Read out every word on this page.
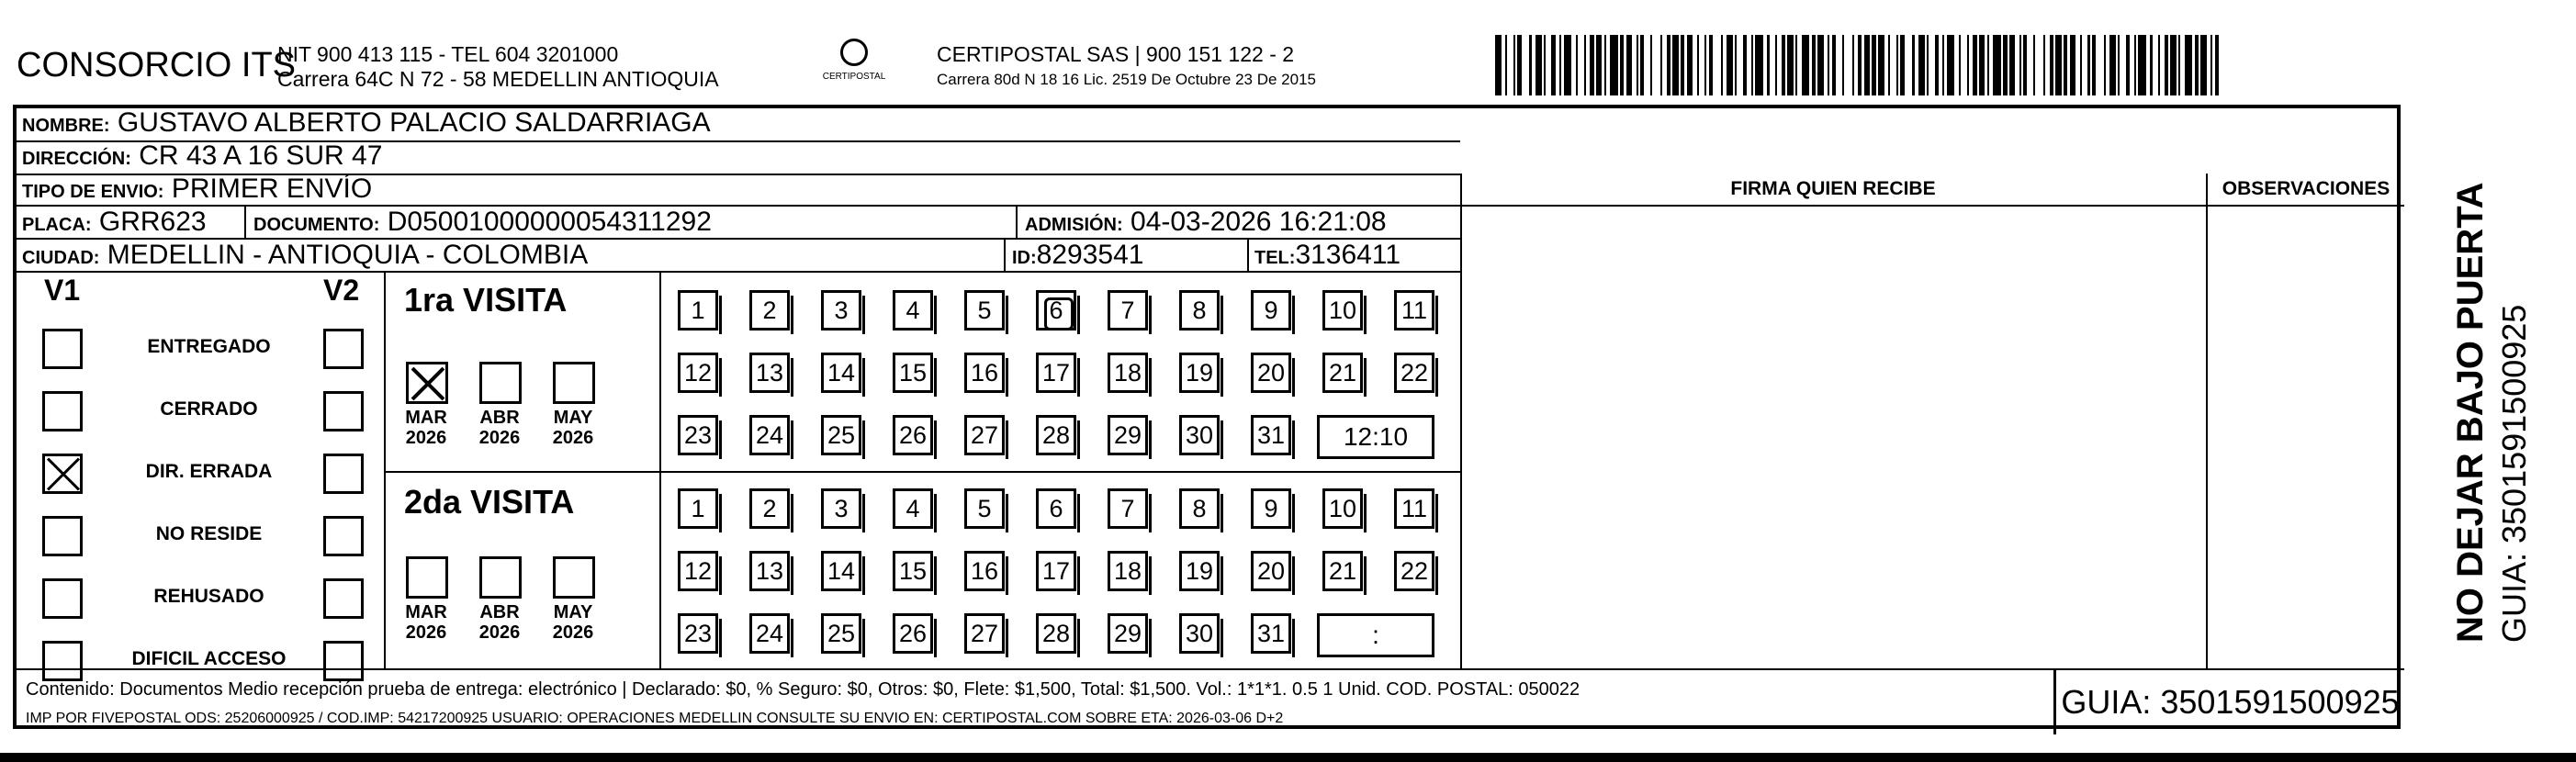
CONSORCIO ITS
NIT 900 413 115 - TEL 604 3201000
Carrera 64C N 72 - 58 MEDELLIN ANTIOQUIA	CERTIPOSTAL
CERTIPOSTAL SAS | 900 151 122 - 2
Carrera 80d N 18 16 Lic. 2519 De Octubre 23 De 2015
NOMBRE: GUSTAVO ALBERTO PALACIO SALDARRIAGA
DIRECCIÓN: CR 43 A 16 SUR 47
TIPO DE ENVIO: PRIMER ENVÍO
PLACA: GRR623	DOCUMENTO: D05001000000054311292	ADMISIÓN: 04-03-2026 16:21:08
CIUDAD: MEDELLIN - ANTIOQUIA - COLOMBIA	ID:8293541	TEL:3136411
FIRMA QUIEN RECIBE	OBSERVACIONES
V1	V2 1ra VISITA
2da VISITA
Contenido: Documentos Medio recepción prueba de entrega: electrónico | Declarado: $0, % Seguro: $0, Otros: $0, Flete: $1,500, Total: $1,500. Vol.: 1*1*1. 0.5 1 Unid. COD. POSTAL: 050022
IMP POR FIVEPOSTAL ODS: 25206000925 / COD.IMP: 54217200925 USUARIO: OPERACIONES MEDELLIN CONSULTE SU ENVIO EN: CERTIPOSTAL.COM SOBRE ETA: 2026-03-06 D+2	GUIA: 3501591500925
ENTREGADO
CERRADO
DIR. ERRADA
NO RESIDE
REHUSADO
DIFICIL ACCESO
MAR
2026
ABR
2026
MAY
2026
MAR
2026
ABR
2026
MAY
2026
1	2	3	4	5	6	7	8	9	10 11
12 13 14 15 16 17 18 19 20 21 22
23 24 25 26 27 28 29 30 31	12:10
1	2	3	4	5	6	7	8	9	10 11
12 13 14 15 16 17 18 19 20 21 22
23 24 25 26 27 28 29 30 31	:	NO DEJAR BAJO PUERTA GUIA: 3501591500925
